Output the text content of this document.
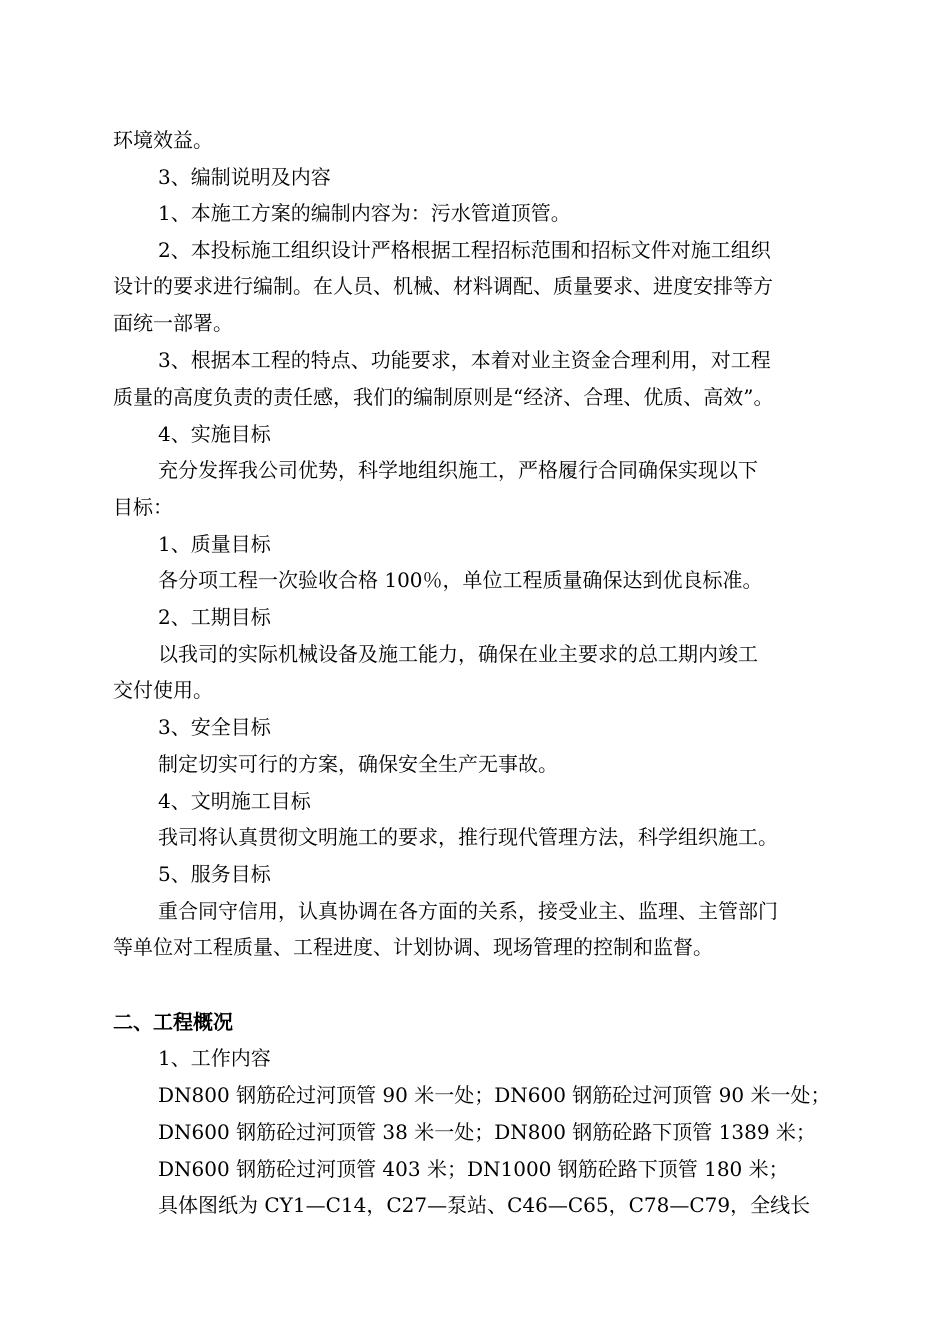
环境效益。
3、编制说明及内容
1、本施工方案的编制内容为：污水管道顶管。
2、本投标施工组织设计严格根据工程招标范围和招标文件对施工组织
设计的要求进行编制。在人员、机械、材料调配、质量要求、进度安排等方
面统一部署。
3、根据本工程的特点、功能要求，本着对业主资金合理利用，对工程
质量的高度负责的责任感，我们的编制原则是“经济、合理、优质、高效”。
4、实施目标
充分发挥我公司优势，科学地组织施工，严格履行合同确保实现以下
目标：
1、质量目标
各分项工程一次验收合格 100％，单位工程质量确保达到优良标准。
2、工期目标
以我司的实际机械设备及施工能力，确保在业主要求的总工期内竣工
交付使用。
3、安全目标
制定切实可行的方案，确保安全生产无事故。
4、文明施工目标
我司将认真贯彻文明施工的要求，推行现代管理方法，科学组织施工。
5、服务目标
重合同守信用，认真协调在各方面的关系，接受业主、监理、主管部门
等单位对工程质量、工程进度、计划协调、现场管理的控制和监督。
二、工程概况
1、工作内容
DN800 钢筋砼过河顶管 90 米一处；DN600 钢筋砼过河顶管 90 米一处；
DN600 钢筋砼过河顶管 38 米一处；DN800 钢筋砼路下顶管 1389 米；
DN600 钢筋砼过河顶管 403 米；DN1000 钢筋砼路下顶管 180 米；
具体图纸为 CY1—C14，C27—泵站、C46—C65，C78—C79，全线长
